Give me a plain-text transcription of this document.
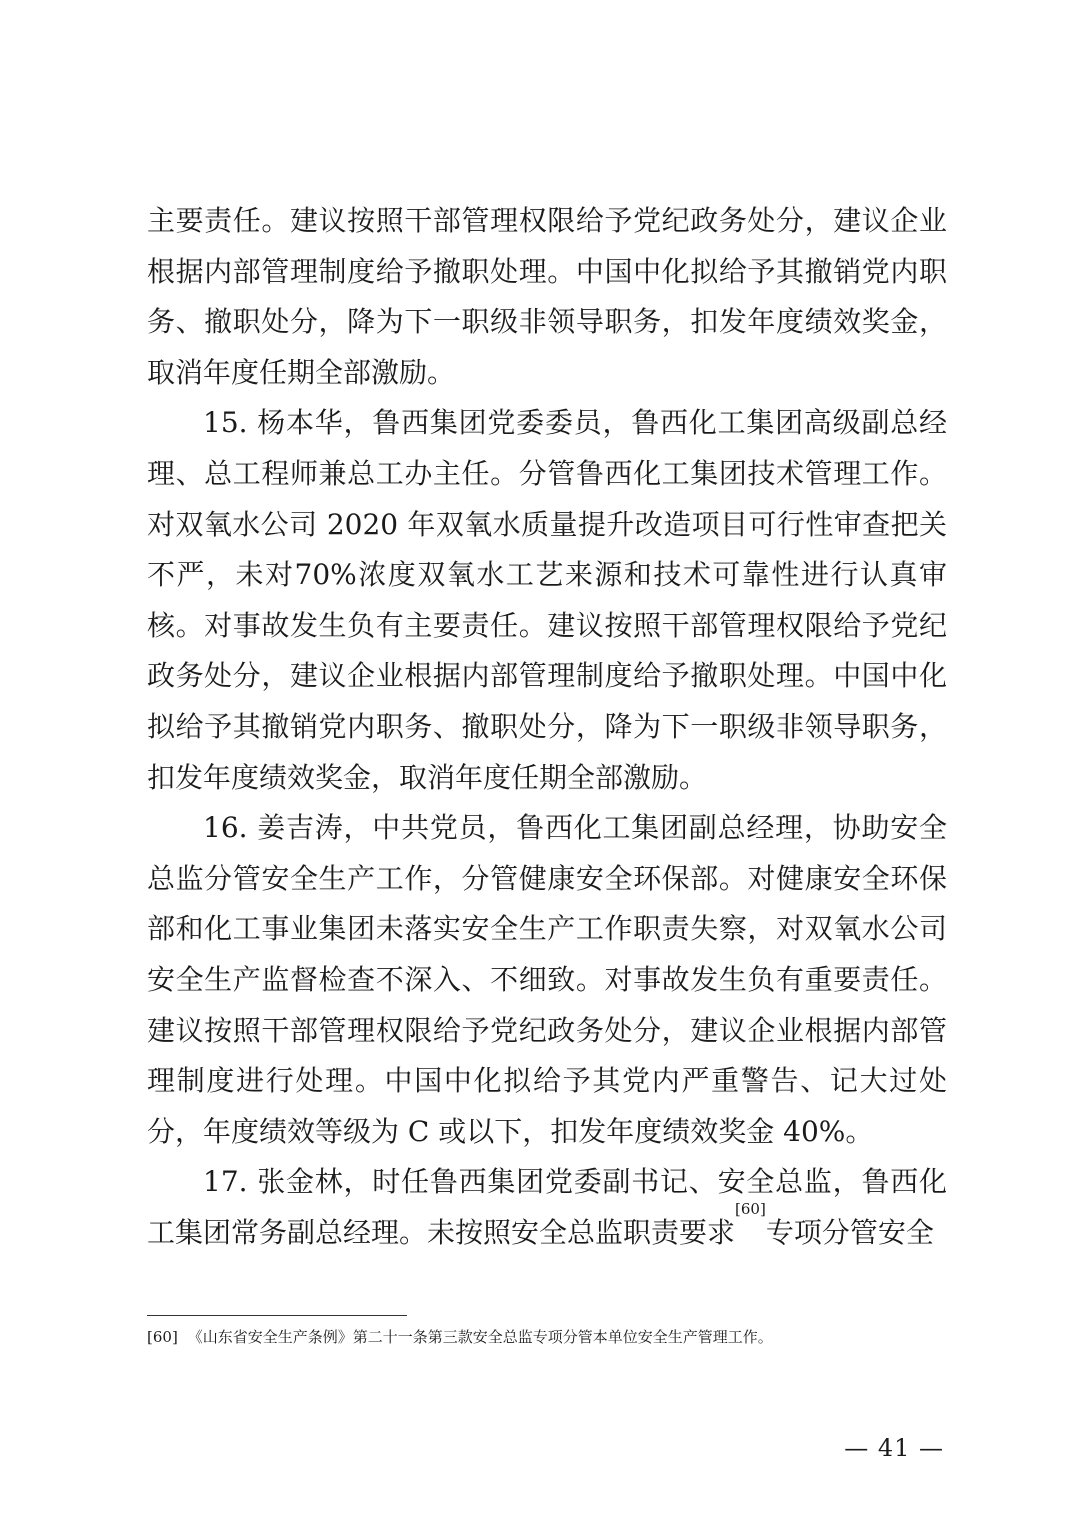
主要责任。建议按照干部管理权限给予党纪政务处分，建议企业根据内部管理制度给予撤职处理。中国中化拟给予其撤销党内职务、撤职处分，降为下一职级非领导职务，扣发年度绩效奖金，取消年度任期全部激励。

15. 杨本华，鲁西集团党委委员，鲁西化工集团高级副总经理、总工程师兼总工办主任。分管鲁西化工集团技术管理工作。对双氧水公司 2020 年双氧水质量提升改造项目可行性审查把关不严，未对70%浓度双氧水工艺来源和技术可靠性进行认真审核。对事故发生负有主要责任。建议按照干部管理权限给予党纪政务处分，建议企业根据内部管理制度给予撤职处理。中国中化拟给予其撤销党内职务、撤职处分，降为下一职级非领导职务，扣发年度绩效奖金，取消年度任期全部激励。

16. 姜吉涛，中共党员，鲁西化工集团副总经理，协助安全总监分管安全生产工作，分管健康安全环保部。对健康安全环保部和化工事业集团未落实安全生产工作职责失察，对双氧水公司安全生产监督检查不深入、不细致。对事故发生负有重要责任。建议按照干部管理权限给予党纪政务处分，建议企业根据内部管理制度进行处理。中国中化拟给予其党内严重警告、记大过处分，年度绩效等级为 C 或以下，扣发年度绩效奖金 40%。

17. 张金林，时任鲁西集团党委副书记、安全总监，鲁西化工集团常务副总经理。未按照安全总监职责要求[60]专项分管安全

[60] 《山东省安全生产条例》第二十一条第三款安全总监专项分管本单位安全生产管理工作。
— 41 —
